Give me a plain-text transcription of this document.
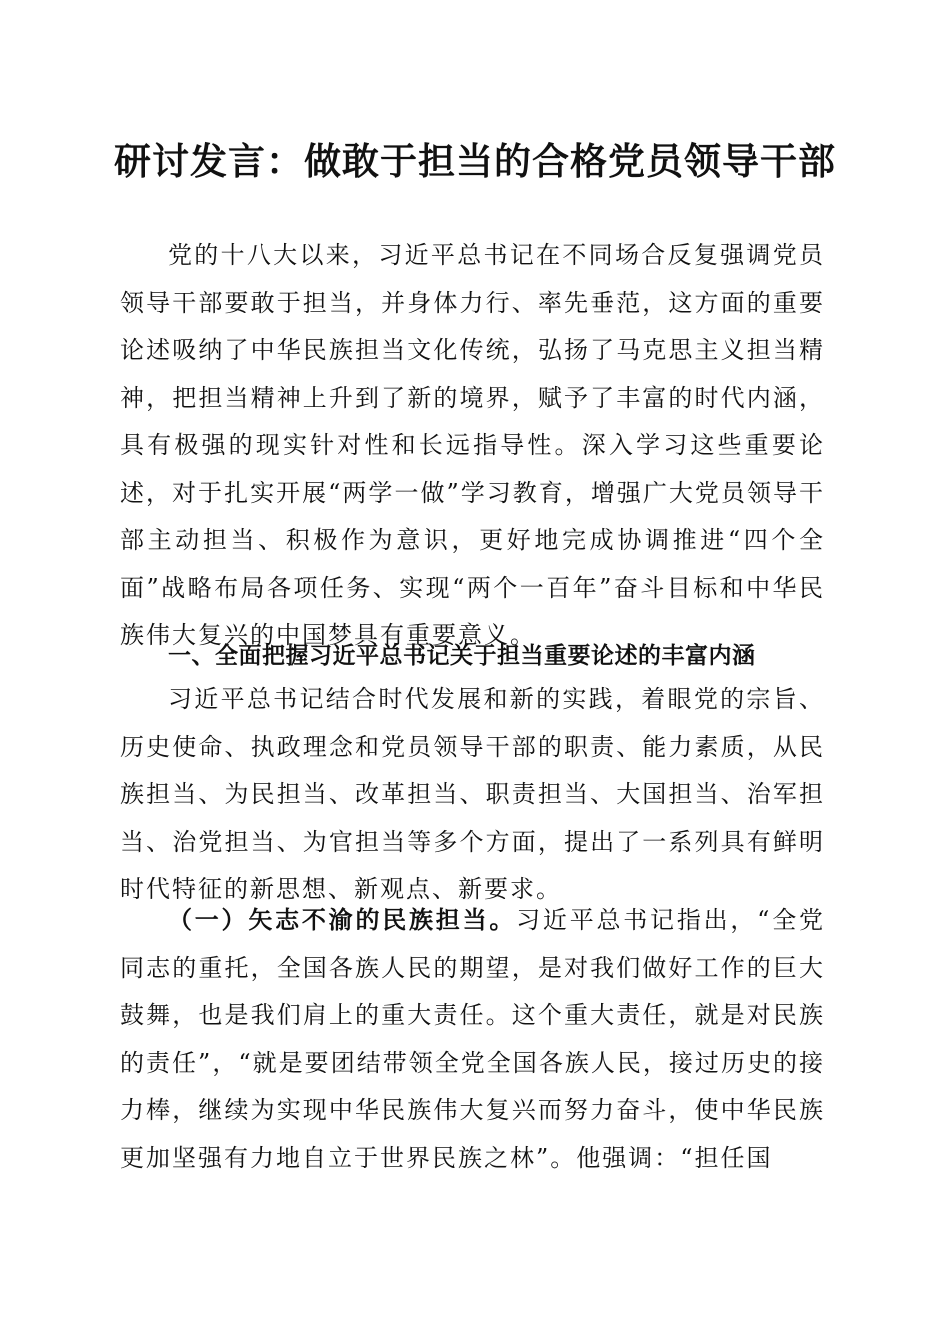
研讨发言：做敢于担当的合格党员领导干部

党的十八大以来，习近平总书记在不同场合反复强调党员领导干部要敢于担当，并身体力行、率先垂范，这方面的重要论述吸纳了中华民族担当文化传统，弘扬了马克思主义担当精神，把担当精神上升到了新的境界，赋予了丰富的时代内涵，具有极强的现实针对性和长远指导性。深入学习这些重要论述，对于扎实开展“两学一做”学习教育，增强广大党员领导干部主动担当、积极作为意识，更好地完成协调推进“四个全面”战略布局各项任务、实现“两个一百年”奋斗目标和中华民族伟大复兴的中国梦具有重要意义。

一、全面把握习近平总书记关于担当重要论述的丰富内涵

习近平总书记结合时代发展和新的实践，着眼党的宗旨、历史使命、执政理念和党员领导干部的职责、能力素质，从民族担当、为民担当、改革担当、职责担当、大国担当、治军担当、治党担当、为官担当等多个方面，提出了一系列具有鲜明时代特征的新思想、新观点、新要求。

（一）矢志不渝的民族担当。习近平总书记指出，“全党同志的重托，全国各族人民的期望，是对我们做好工作的巨大鼓舞，也是我们肩上的重大责任。这个重大责任，就是对民族的责任”，“就是要团结带领全党全国各族人民，接过历史的接力棒，继续为实现中华民族伟大复兴而努力奋斗，使中华民族更加坚强有力地自立于世界民族之林”。他强调：“担任国
